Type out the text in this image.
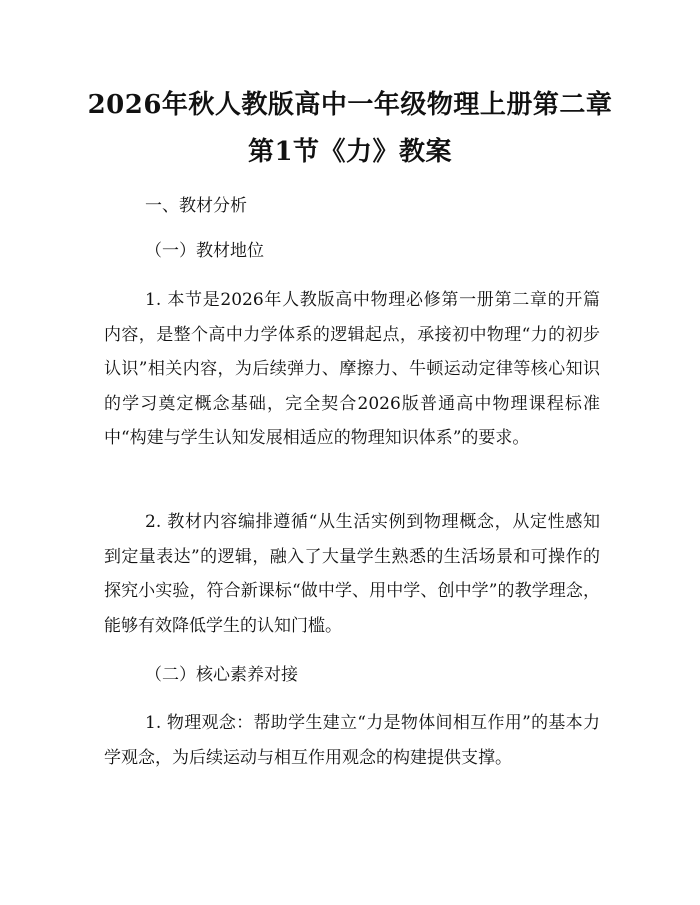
2026年秋人教版高中一年级物理上册第二章
第1节《力》教案
一、教材分析
（一）教材地位

1. 本节是2026年人教版高中物理必修第一册第二章的开篇内容，是整个高中力学体系的逻辑起点，承接初中物理“力的初步认识”相关内容，为后续弹力、摩擦力、牛顿运动定律等核心知识的学习奠定概念基础，完全契合2026版普通高中物理课程标准中“构建与学生认知发展相适应的物理知识体系”的要求。

2. 教材内容编排遵循“从生活实例到物理概念，从定性感知到定量表达”的逻辑，融入了大量学生熟悉的生活场景和可操作的探究小实验，符合新课标“做中学、用中学、创中学”的教学理念，能够有效降低学生的认知门槛。

（二）核心素养对接

1. 物理观念：帮助学生建立“力是物体间相互作用”的基本力学观念，为后续运动与相互作用观念的构建提供支撑。
